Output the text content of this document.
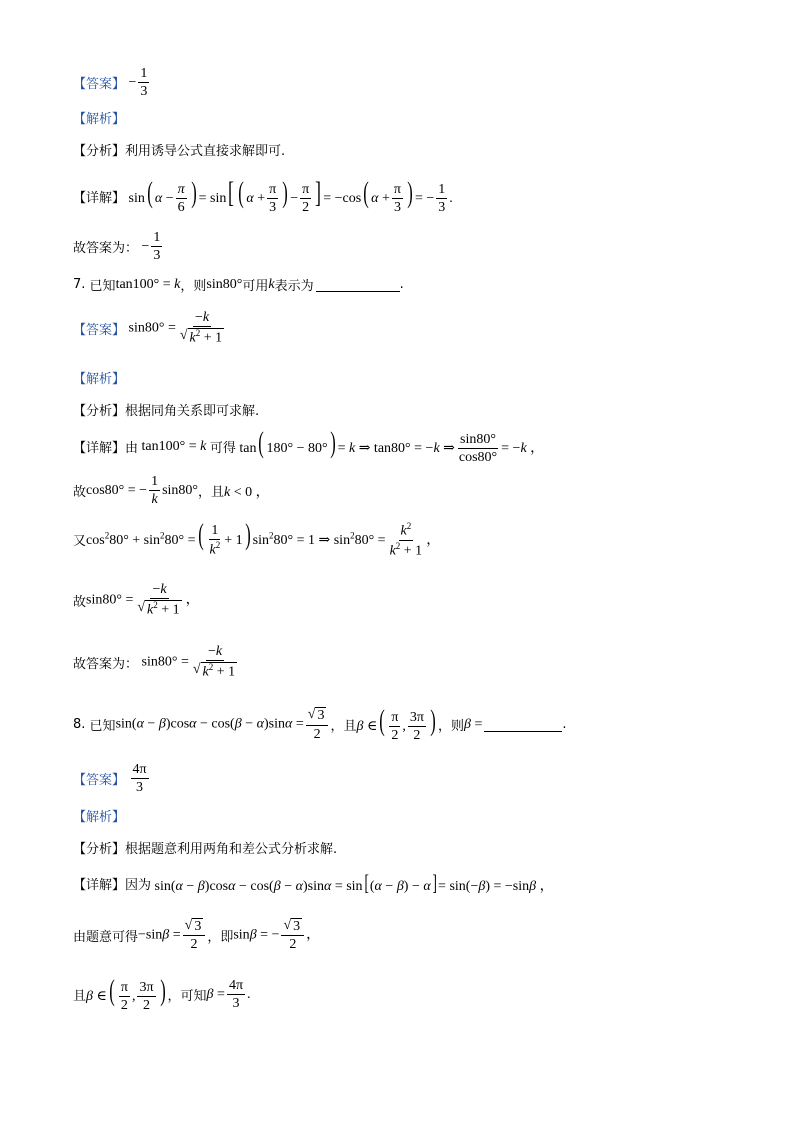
【答案】 − $\frac{1}{3}$
【 解析 】
【分析】 利用诱导公式直接求解即可.
【详解】 sin( $\alpha - \frac{\pi}{6}$ ) = sin[ ( $\alpha + \frac{\pi}{3}$ ) − $\frac{\pi}{2}$ ] = −cos( $\alpha + \frac{\pi}{3}$ ) = − $\frac{1}{3}$ .
故答案为： − $\frac{1}{3}$
7.
已知 tan100° = k ，则 sin80° 可用 k 表示为	.
【答案】 $\sin 80^\circ = \frac{-k}{√ k^2 + 1}$
【 解析 】
【分析】 根据同角关系即可求解.
【详解】 由 tan100° = k 可得 tan( 180° − 80°) = k ⇒ tan80° = −k ⇒ $\frac{\sin 80^\circ}{\cos 80^\circ} = -k$ ，
故 cos80° = − $\frac{1}{k} \sin 80^\circ$ ，且 k < 0 ，
又 $\cos^280^\circ + \sin^280^\circ$ =( $\frac{1}{k^2} + 1$) $\sin^280^\circ = 1$ ⇒ $\sin^280^\circ = \frac{k^2}{k^2 + 1}$ ，
故 $\sin 80^\circ = \frac{-k}{√ k^2 + 1}$ ，
故答案为： $\sin 80^\circ = \frac{-k}{√ k^2 + 1}$
8.
已知 $\sin(\alpha - \beta)\cos\alpha - \cos(\beta - \alpha)\sin\alpha = \frac{√ 3}{2}$ ，且 β ∈( $\frac{\pi}{2}$ , $\frac{3\pi}{2}$ ) ，则 β =	.
【答案】
$\frac{4\pi}{3}$
【 解析 】
【分析】 根据题意利用两角和差公式分析求解.
【详解】 因为 sin(α − β)cosα − cos(β − α)sinα = sin[(α − β) − α]= sin(−β) = −sinβ ，
由题意可得 $-\sin\beta = \frac{√ 3}{2}$ ，即 sinβ = − $\frac{√ 3}{2}$ ，
且 β ∈( $\frac{\pi}{2}$ , $\frac{3\pi}{2}$ ) ，可知 $\beta = \frac{4\pi}{3}$ .
